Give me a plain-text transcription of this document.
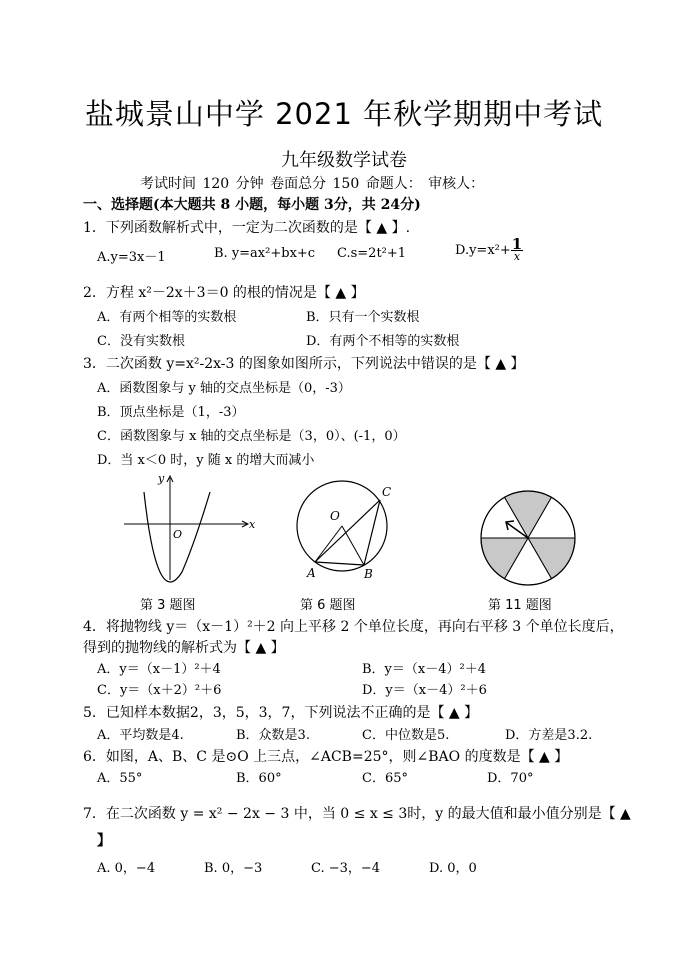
盐城景山中学 2021 年秋学期期中考试
九年级数学试卷
考试时间 120 分钟 卷面总分 150 命题人： 审核人：
一、选择题(本大题共 8 小题，每小题 3分，共 24分)
1．下列函数解析式中，一定为二次函数的是【 ▲ 】.
A.y=3x－1	B. y=ax²+bx+c C.s=2t²+1	$D.y=x^2+ \frac{1}{x}$
2．方程 x²－2x＋3＝0 的根的情况是【 ▲ 】
A．有两个相等的实数根	B．只有一个实数根
C．没有实数根	D．有两个不相等的实数根
3．二次函数 y=x²-2x-3 的图象如图所示，下列说法中错误的是【 ▲ 】
A．函数图象与 y 轴的交点坐标是（0，-3）
B．顶点坐标是（1，-3）
C．函数图象与 x 轴的交点坐标是（3，0）、(-1，0）
D．当 x＜0 时，y 随 x 的增大而减小
y
x
O
第 3 题图
O
A	B
C
第 6 题图	第 11 题图
4．将抛物线 y＝（x－1）²＋2 向上平移 2 个单位长度，再向右平移 3 个单位长度后，
得到的抛物线的解析式为【 ▲ 】
A．y＝（x－1）²＋4	B．y＝（x－4）²＋4
C．y＝（x＋2）²＋6	D．y＝（x－4）²＋6
5．已知样本数据2，3，5，3，7，下列说法不正确的是【 ▲ 】
A．平均数是4.	B．众数是3.	C．中位数是5.	D．方差是3.2.
6．如图，A、B、C 是⊙O 上三点，∠ACB=25°，则∠BAO 的度数是【 ▲ 】
A．55°	B．60°	C．65°	D．70°
7．在二次函数 y = x² − 2x − 3 中，当 0 ≤ x ≤ 3时，y 的最大值和最小值分别是【 ▲
】
A. 0，−4	B. 0，−3	C. −3，−4	D. 0，0
